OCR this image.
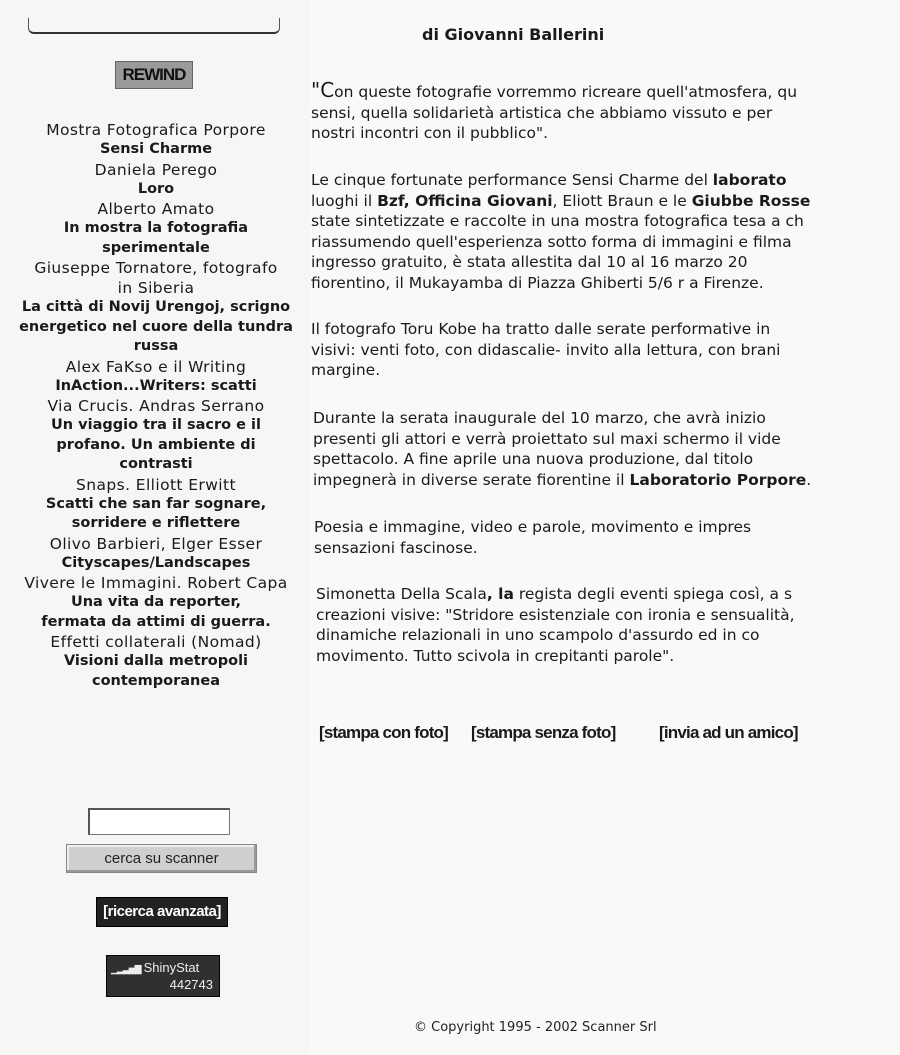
REWIND
Mostra Fotografica Porpore
Sensi Charme
Daniela Perego
Loro
Alberto Amato
In mostra la fotografia sperimentale
Giuseppe Tornatore, fotografo in Siberia
La città di Novij Urengoj, scrigno energetico nel cuore della tundra russa
Alex FaKso e il Writing
InAction...Writers: scatti
Via Crucis. Andras Serrano
Un viaggio tra il sacro e il profano. Un ambiente di contrasti
Snaps. Elliott Erwitt
Scatti che san far sognare, sorridere e riflettere
Olivo Barbieri, Elger Esser
Cityscapes/Landscapes
Vivere le Immagini. Robert Capa
Una vita da reporter, fermata da attimi di guerra.
Effetti collaterali (Nomad)
Visioni dalla metropoli contemporanea
cerca su scanner
[ricerca avanzata]
▁▂▃▅▇ ShinyStat
442743
di Giovanni Ballerini
"Con queste fotografie vorremmo ricreare quell'atmosfera, qu
sensi, quella solidarietà artistica che abbiamo vissuto e per
nostri incontri con il pubblico".
Le cinque fortunate performance Sensi Charme del laborato
luoghi il Bzf, Officina Giovani, Eliott Braun e le Giubbe Rosse
state sintetizzate e raccolte in una mostra fotografica tesa a ch
riassumendo quell'esperienza sotto forma di immagini e filma
ingresso gratuito, è stata allestita dal 10 al 16 marzo 20
fiorentino, il Mukayamba di Piazza Ghiberti 5/6 r a Firenze.
Il fotografo Toru Kobe ha tratto dalle serate performative in
visivi: venti foto, con didascalie- invito alla lettura, con brani
margine.
Durante la serata inaugurale del 10 marzo, che avrà inizio
presenti gli attori e verrà proiettato sul maxi schermo il vide
spettacolo. A fine aprile una nuova produzione, dal titolo
impegnerà in diverse serate fiorentine il Laboratorio Porpore.
Poesia e immagine, video e parole, movimento e impres
sensazioni fascinose.
Simonetta Della Scala, la regista degli eventi spiega così, a s
creazioni visive: "Stridore esistenziale con ironia e sensualità,
dinamiche relazionali in uno scampolo d'assurdo ed in co
movimento. Tutto scivola in crepitanti parole".
[stampa con foto] [stampa senza foto]	[invia ad un amico]
© Copyright 1995 - 2002 Scanner Srl
